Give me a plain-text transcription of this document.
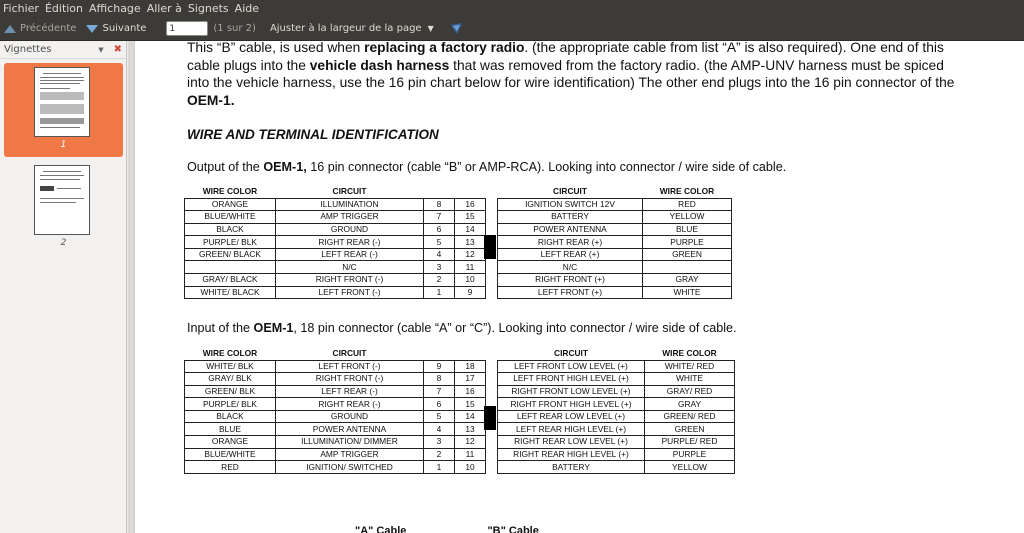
Fichier Édition Affichage Aller à Signets Aide
Précédente	Suivante
1	(1 sur 2) Ajuster à la largeur de la page ▼
Vignettes	▼ ✖
1
2
This “B” cable, is used when replacing a factory radio. (the appropriate cable from list “A” is also required). One end of this cable plugs into the vehicle dash harness that was removed from the factory radio. (the AMP-UNV harness must be spiced into the vehicle harness, use the 16 pin chart below for wire identification) The other end plugs into the 16 pin connector of the OEM-1.
WIRE AND TERMINAL IDENTIFICATION
Output of the OEM-1, 16 pin connector (cable “B” or AMP-RCA). Looking into connector / wire side of cable.
WIRE COLOR	CIRCUIT				CIRCUIT	WIRE COLOR
ORANGE	ILLUMINATION	8	16		IGNITION SWITCH 12V	RED
BLUE/WHITE	AMP TRIGGER	7	15		BATTERY	YELLOW
BLACK	GROUND	6	14		POWER ANTENNA	BLUE
PURPLE/ BLK	RIGHT REAR (-)	5	13		RIGHT REAR (+)	PURPLE
GREEN/ BLACK	LEFT REAR (-)	4	12		LEFT REAR (+)	GREEN
	N/C	3	11		N/C	
GRAY/ BLACK	RIGHT FRONT (-)	2	10		RIGHT FRONT (+)	GRAY
WHITE/ BLACK	LEFT FRONT (-)	1	9		LEFT FRONT (+)	WHITE
Input of the OEM-1, 18 pin connector (cable “A” or “C”). Looking into connector / wire side of cable.
WIRE COLOR	CIRCUIT				CIRCUIT	WIRE COLOR
WHITE/ BLK	LEFT FRONT (-)	9	18		LEFT FRONT LOW LEVEL (+)	WHITE/ RED
GRAY/ BLK	RIGHT FRONT (-)	8	17		LEFT FRONT HIGH LEVEL (+)	WHITE
GREEN/ BLK	LEFT REAR (-)	7	16		RIGHT FRONT LOW LEVEL (+)	GRAY/ RED
PURPLE/ BLK	RIGHT REAR (-)	6	15		RIGHT FRONT HIGH LEVEL (+)	GRAY
BLACK	GROUND	5	14		LEFT REAR LOW LEVEL (+)	GREEN/ RED
BLUE	POWER ANTENNA	4	13		LEFT REAR HIGH LEVEL (+)	GREEN
ORANGE	ILLUMINATION/ DIMMER	3	12		RIGHT REAR LOW LEVEL (+)	PURPLE/ RED
BLUE/WHITE	AMP TRIGGER	2	11		RIGHT REAR HIGH LEVEL (+)	PURPLE
RED	IGNITION/ SWITCHED	1	10		BATTERY	YELLOW
"A" Cable	"B" Cable
